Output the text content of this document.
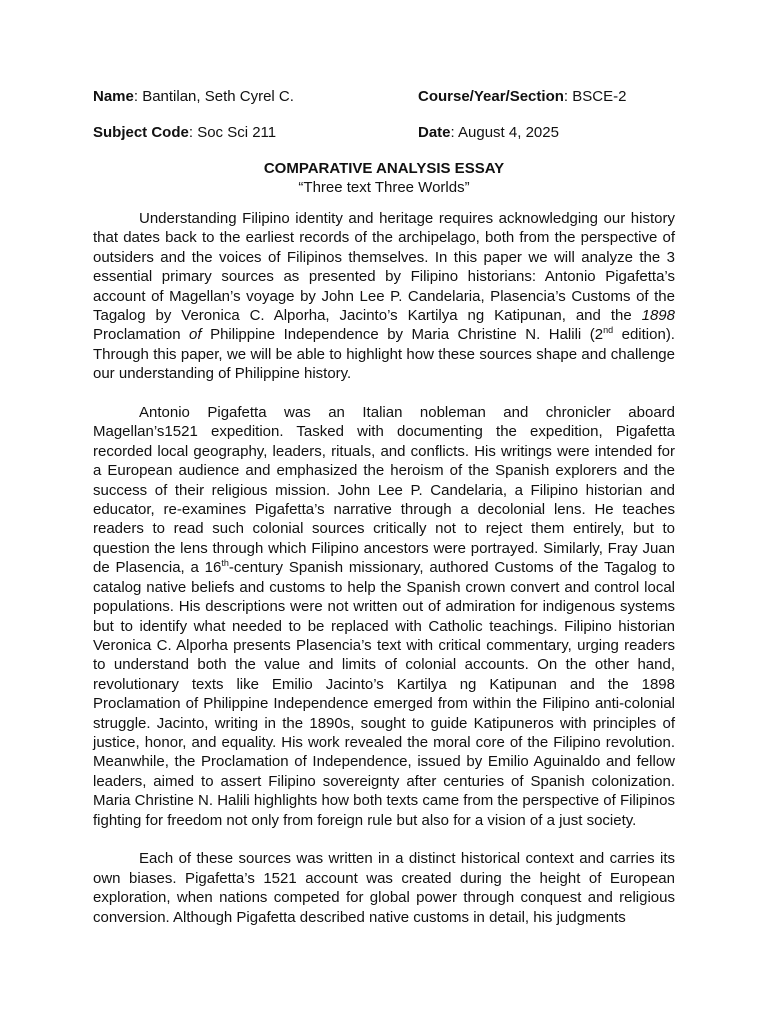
Name: Bantilan, Seth Cyrel C.	Course/Year/Section: BSCE-2
Subject Code: Soc Sci 211	Date: August 4, 2025
COMPARATIVE ANALYSIS ESSAY
“Three text Three Worlds”

Understanding Filipino identity and heritage requires acknowledging our history that dates back to the earliest records of the archipelago, both from the perspective of outsiders and the voices of Filipinos themselves. In this paper we will analyze the 3 essential primary sources as presented by Filipino historians: Antonio Pigafetta’s account of Magellan’s voyage by John Lee P. Candelaria, Plasencia’s Customs of the Tagalog by Veronica C. Alporha, Jacinto’s Kartilya ng Katipunan, and the 1898 Proclamation of Philippine Independence by Maria Christine N. Halili (2nd edition). Through this paper, we will be able to highlight how these sources shape and challenge our understanding of Philippine history.

Antonio Pigafetta was an Italian nobleman and chronicler aboard Magellan’s1521 expedition. Tasked with documenting the expedition, Pigafetta recorded local geography, leaders, rituals, and conflicts. His writings were intended for a European audience and emphasized the heroism of the Spanish explorers and the success of their religious mission. John Lee P. Candelaria, a Filipino historian and educator, re-examines Pigafetta’s narrative through a decolonial lens. He teaches readers to read such colonial sources critically not to reject them entirely, but to question the lens through which Filipino ancestors were portrayed. Similarly, Fray Juan de Plasencia, a 16th-century Spanish missionary, authored Customs of the Tagalog to catalog native beliefs and customs to help the Spanish crown convert and control local populations. His descriptions were not written out of admiration for indigenous systems but to identify what needed to be replaced with Catholic teachings. Filipino historian Veronica C. Alporha presents Plasencia’s text with critical commentary, urging readers to understand both the value and limits of colonial accounts. On the other hand, revolutionary texts like Emilio Jacinto’s Kartilya ng Katipunan and the 1898 Proclamation of Philippine Independence emerged from within the Filipino anti-colonial struggle. Jacinto, writing in the 1890s, sought to guide Katipuneros with principles of justice, honor, and equality. His work revealed the moral core of the Filipino revolution. Meanwhile, the Proclamation of Independence, issued by Emilio Aguinaldo and fellow leaders, aimed to assert Filipino sovereignty after centuries of Spanish colonization. Maria Christine N. Halili highlights how both texts came from the perspective of Filipinos fighting for freedom not only from foreign rule but also for a vision of a just society.

Each of these sources was written in a distinct historical context and carries its own biases. Pigafetta’s 1521 account was created during the height of European exploration, when nations competed for global power through conquest and religious conversion. Although Pigafetta described native customs in detail, his judgments
